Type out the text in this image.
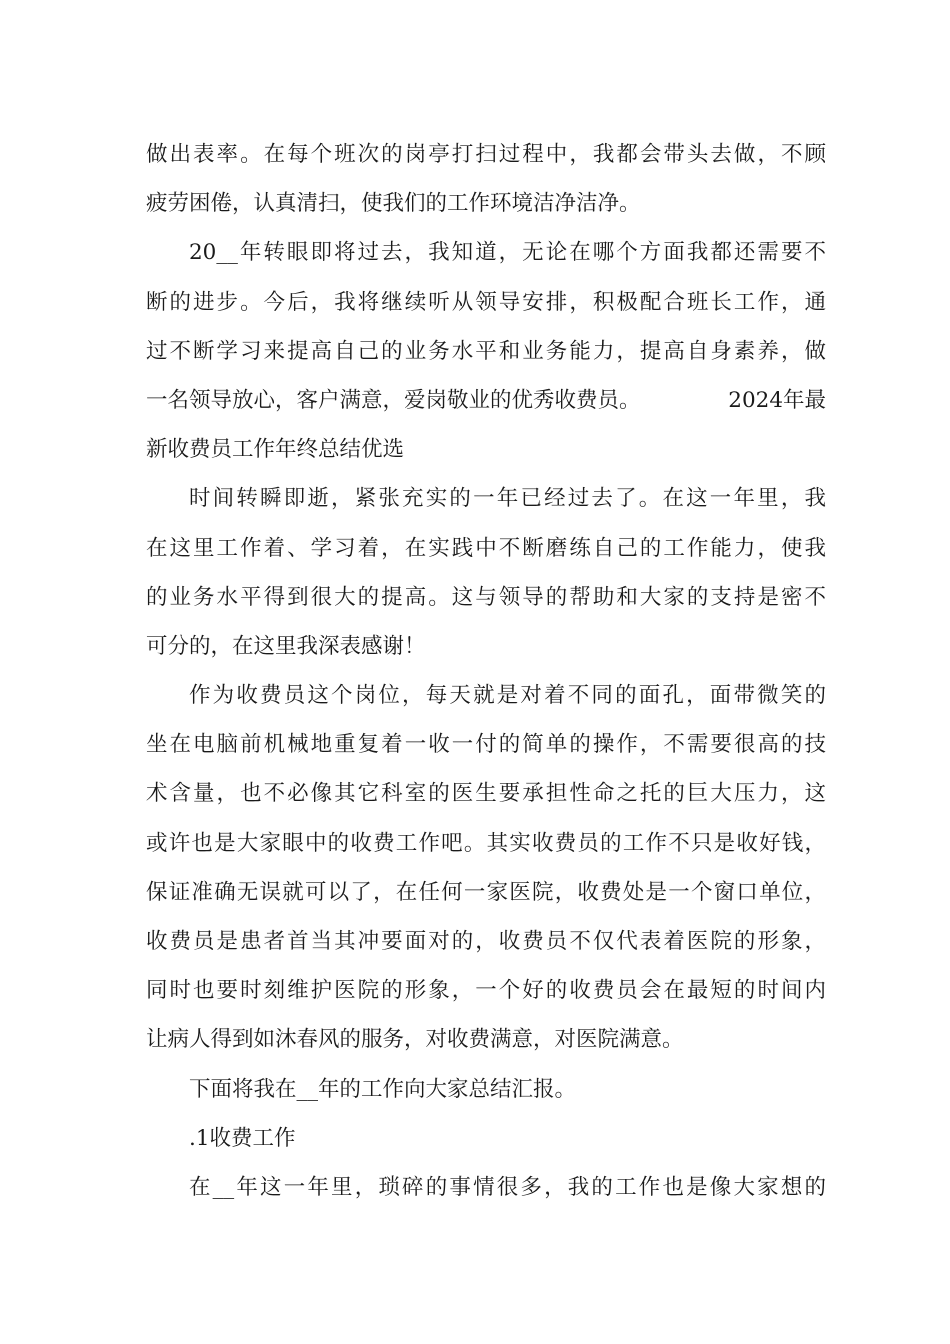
做出表率。在每个班次的岗亭打扫过程中，我都会带头去做，不顾
疲劳困倦，认真清扫，使我们的工作环境洁净洁净。
20__年转眼即将过去，我知道，无论在哪个方面我都还需要不
断的进步。今后，我将继续听从领导安排，积极配合班长工作，通
过不断学习来提高自己的业务水平和业务能力，提高自身素养，做
一名领导放心，客户满意，爱岗敬业的优秀收费员。	2024年最
新收费员工作年终总结优选
时间转瞬即逝，紧张充实的一年已经过去了。在这一年里，我
在这里工作着、学习着，在实践中不断磨练自己的工作能力，使我
的业务水平得到很大的提高。这与领导的帮助和大家的支持是密不
可分的，在这里我深表感谢！
作为收费员这个岗位，每天就是对着不同的面孔，面带微笑的
坐在电脑前机械地重复着一收一付的简单的操作，不需要很高的技
术含量，也不必像其它科室的医生要承担性命之托的巨大压力，这
或许也是大家眼中的收费工作吧。其实收费员的工作不只是收好钱，
保证准确无误就可以了，在任何一家医院，收费处是一个窗口单位，
收费员是患者首当其冲要面对的，收费员不仅代表着医院的形象，
同时也要时刻维护医院的形象，一个好的收费员会在最短的时间内
让病人得到如沐春风的服务，对收费满意，对医院满意。
下面将我在__年的工作向大家总结汇报。
.1收费工作
在__年这一年里，琐碎的事情很多，我的工作也是像大家想的
